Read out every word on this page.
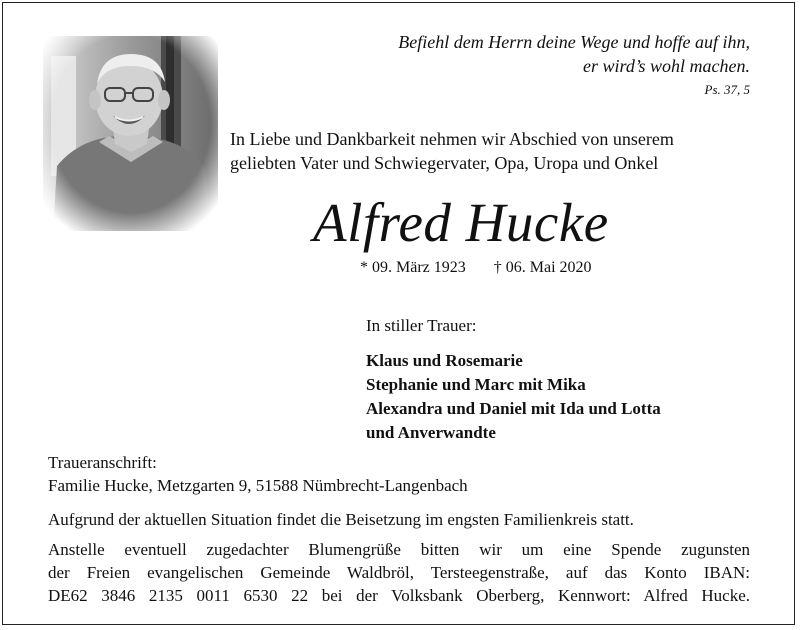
Befiehl dem Herrn deine Wege und hoffe auf ihn,
er wird’s wohl machen.
Ps. 37, 5
In Liebe und Dankbarkeit nehmen wir Abschied von unserem
geliebten Vater und Schwiegervater, Opa, Uropa und Onkel
Alfred Hucke
* 09. März 1923 † 06. Mai 2020
In stiller Trauer:
Klaus und Rosemarie
Stephanie und Marc mit Mika
Alexandra und Daniel mit Ida und Lotta
und Anverwandte
Traueranschrift:
Familie Hucke, Metzgarten 9, 51588 Nümbrecht-Langenbach
Aufgrund der aktuellen Situation findet die Beisetzung im engsten Familienkreis statt.
Anstelle eventuell zugedachter Blumengrüße bitten wir um eine Spende zugunsten
der Freien evangelischen Gemeinde Waldbröl, Tersteegenstraße, auf das Konto IBAN:
DE62 3846 2135 0011 6530 22 bei der Volksbank Oberberg, Kennwort: Alfred Hucke.
